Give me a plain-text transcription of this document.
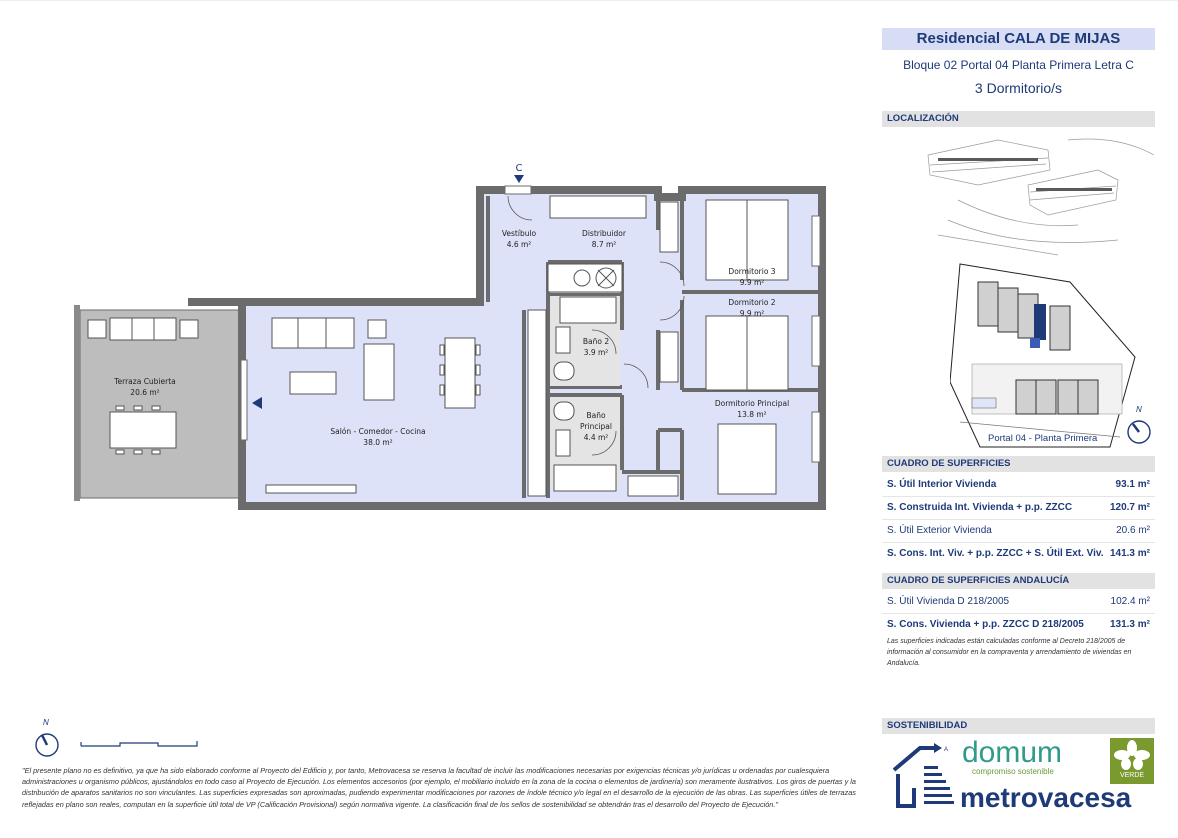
C
Vestíbulo
4.6 m²
Distribuidor
8.7 m²
Dormitorio 3
9.9 m²
Dormitorio 2
9.9 m²
Baño 2
3.9 m²
Baño
Principal
4.4 m²
Dormitorio Principal
13.8 m²
Salón - Comedor - Cocina
38.0 m²
Terraza Cubierta
20.6 m²
N
"El presente plano no es definitivo, ya que ha sido elaborado conforme al Proyecto del Edificio y, por tanto, Metrovacesa se reserva la facultad de incluir las modificaciones necesarias por exigencias técnicas y/o jurídicas u ordenadas por cualesquiera administraciones u organismo públicos, ajustándolos en todo caso al Proyecto de Ejecución. Los elementos accesorios (por ejemplo, el mobiliario incluido en la zona de la cocina o elementos de jardinería) son meramente ilustrativos. Los giros de puertas y la distribución de aparatos sanitarios no son vinculantes. Las superficies expresadas son aproximadas, pudiendo experimentar modificaciones por razones de índole técnico y/o legal en el desarrollo de la ejecución de las obras. Las superficies útiles de terrazas reflejadas en plano son reales, computan en la superficie útil total de VP (Calificación Provisional) según normativa vigente. La clasificación final de los sellos de sostenibilidad se obtendrán tras el desarrollo del Proyecto de Ejecución."
Residencial CALA DE MIJAS
Bloque 02 Portal 04 Planta Primera Letra C
3 Dormitorio/s
LOCALIZACIÓN
Portal 04 - Planta Primera
N
CUADRO DE SUPERFICIES
S. Útil Interior Vivienda	93.1 m²
S. Construida Int. Vivienda + p.p. ZZCC	120.7 m²
S. Útil Exterior Vivienda	20.6 m²
S. Cons. Int. Viv. + p.p. ZZCC + S. Útil Ext. Viv. 141.3 m²
CUADRO DE SUPERFICIES ANDALUCÍA
S. Útil Vivienda D 218/2005	102.4 m²
S. Cons. Vivienda + p.p. ZZCC D 218/2005	131.3 m²
Las superficies indicadas están calculadas conforme al Decreto 218/2005 de información al consumidor en la compraventa y arrendamiento de viviendas en Andalucía.
SOSTENIBILIDAD
A domum
compromiso sostenible	VERDE
metrovacesa
